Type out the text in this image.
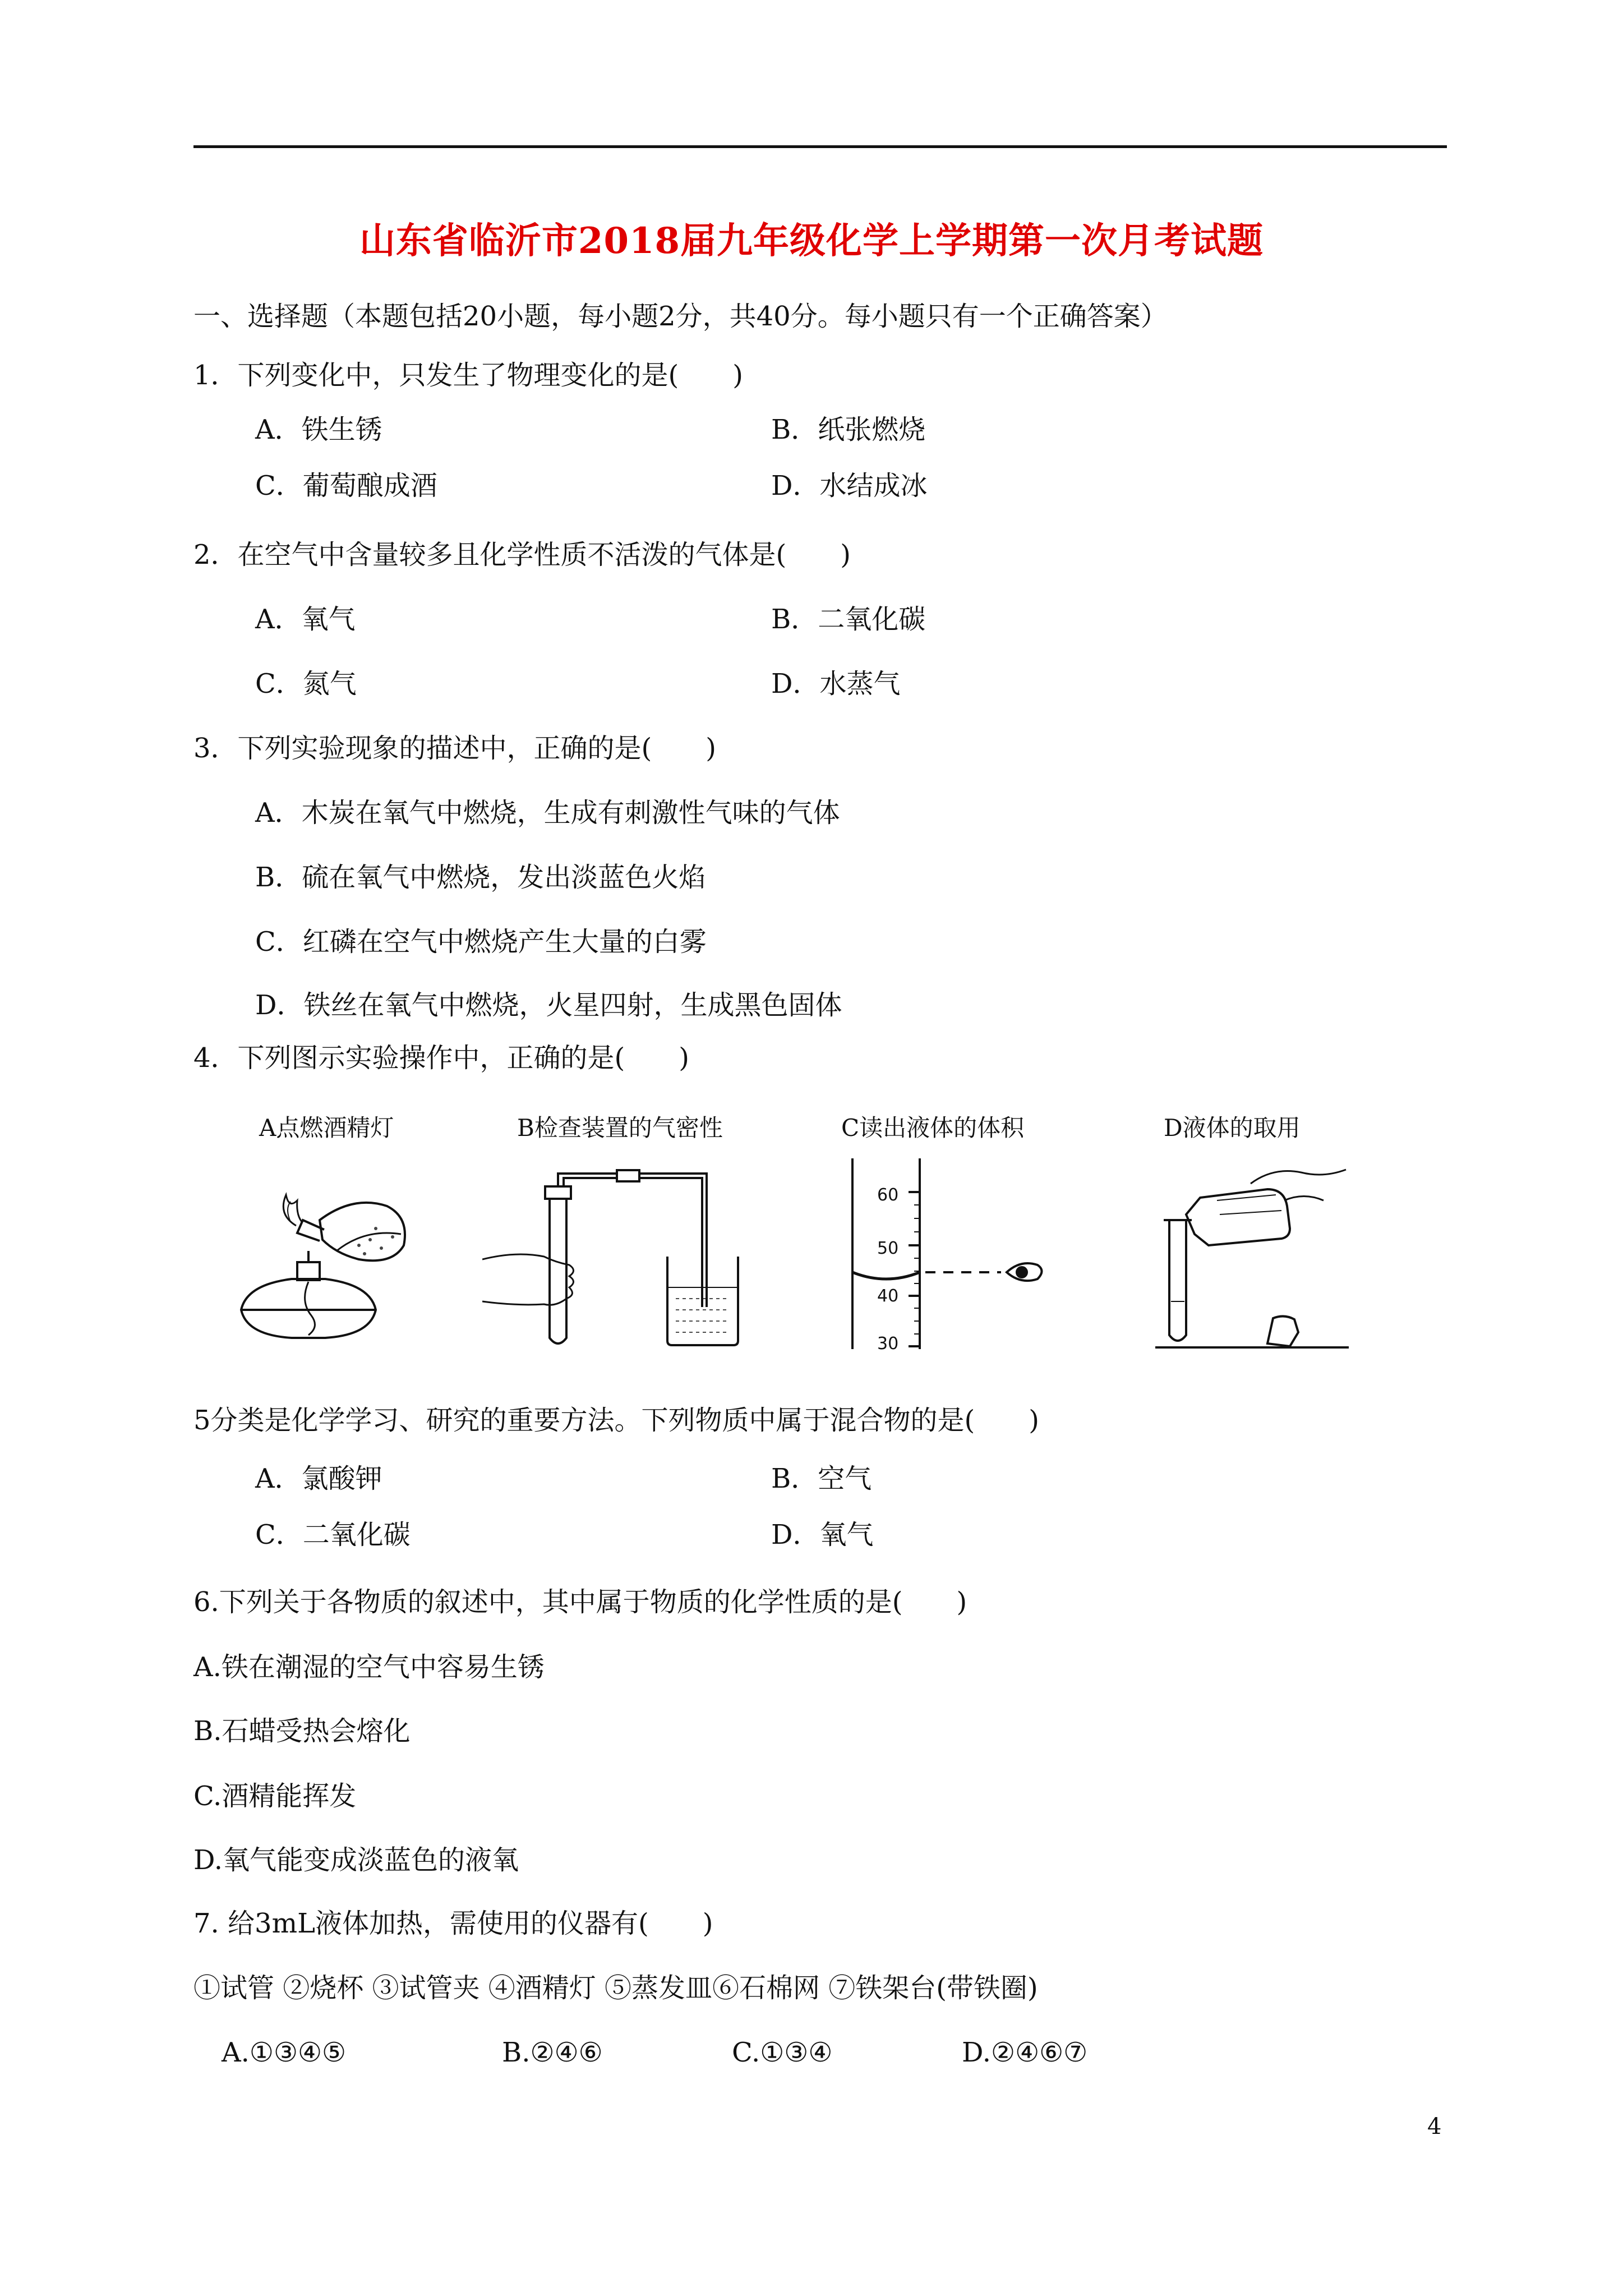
山东省临沂市2018届九年级化学上学期第一次月考试题
一、选择题（本题包括20小题，每小题2分，共40分。每小题只有一个正确答案）
1．下列变化中，只发生了物理变化的是(　　)
A．铁生锈	B．纸张燃烧
C．葡萄酿成酒	D．水结成冰
2．在空气中含量较多且化学性质不活泼的气体是(　　)
A．氧气	B．二氧化碳
C．氮气	D．水蒸气
3．下列实验现象的描述中，正确的是(　　)
A．木炭在氧气中燃烧，生成有刺激性气味的气体
B．硫在氧气中燃烧，发出淡蓝色火焰
C．红磷在空气中燃烧产生大量的白雾
D．铁丝在氧气中燃烧，火星四射，生成黑色固体
4．下列图示实验操作中，正确的是(　　)
A点燃酒精灯	B检查装置的气密性	C读出液体的体积	D液体的取用
60
50
40
30
5分类是化学学习、研究的重要方法。下列物质中属于混合物的是(　　)
A．氯酸钾	B．空气
C．二氧化碳	D．氧气
6.下列关于各物质的叙述中，其中属于物质的化学性质的是(　　)
A.铁在潮湿的空气中容易生锈
B.石蜡受热会熔化
C.酒精能挥发
D.氧气能变成淡蓝色的液氧
7. 给3mL液体加热，需使用的仪器有(　　)
①试管 ②烧杯 ③试管夹 ④酒精灯 ⑤蒸发皿⑥石棉网 ⑦铁架台(带铁圈)
A.①③④⑤	B.②④⑥	C.①③④	D.②④⑥⑦
4
